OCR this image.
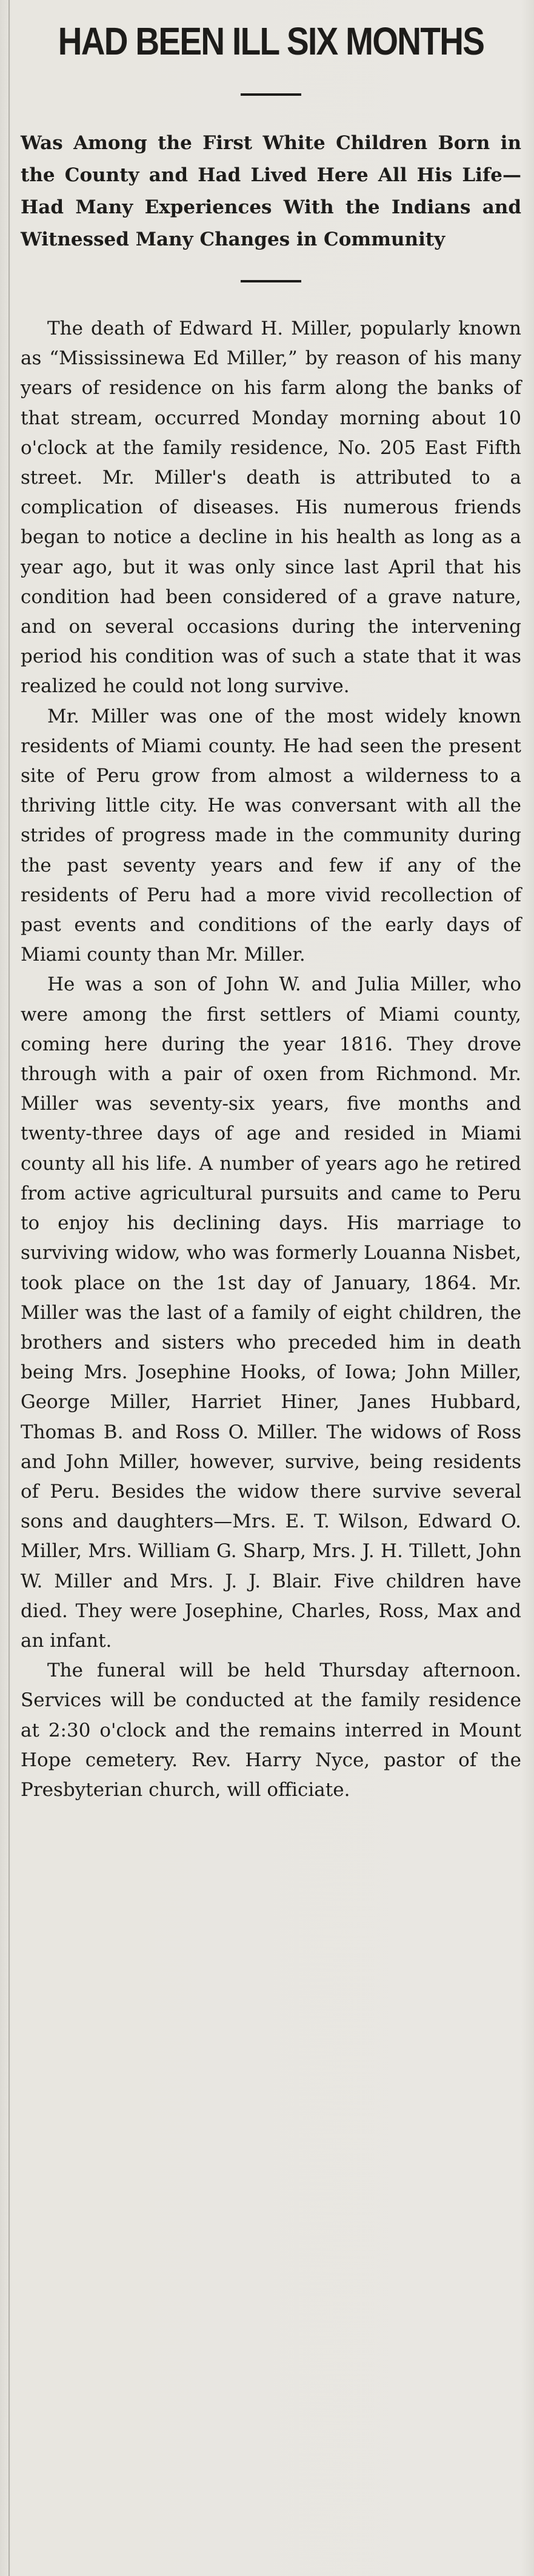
HAD BEEN ILL SIX MONTHS

Was Among the First White Children Born in the County and Had Lived Here All His Life—Had Many Experiences With the Indians and Witnessed Many Changes in Community

The death of Edward H. Miller, popularly known as “Mississinewa Ed Miller,” by reason of his many years of residence on his farm along the banks of that stream, occurred Monday morning about 10 o'clock at the family residence, No. 205 East Fifth street. Mr. Miller's death is attributed to a complication of diseases. His numerous friends began to notice a decline in his health as long as a year ago, but it was only since last April that his condition had been considered of a grave nature, and on several occasions during the intervening period his condition was of such a state that it was realized he could not long survive.

Mr. Miller was one of the most widely known residents of Miami county. He had seen the present site of Peru grow from almost a wilderness to a thriving little city. He was conversant with all the strides of progress made in the community during the past seventy years and few if any of the residents of Peru had a more vivid recollection of past events and conditions of the early days of Miami county than Mr. Miller.

He was a son of John W. and Julia Miller, who were among the first settlers of Miami county, coming here during the year 1816. They drove through with a pair of oxen from Richmond. Mr. Miller was seventy-six years, five months and twenty-three days of age and resided in Miami county all his life. A number of years ago he retired from active agricultural pursuits and came to Peru to enjoy his declining days. His marriage to surviving widow, who was formerly Louanna Nisbet, took place on the 1st day of January, 1864. Mr. Miller was the last of a family of eight children, the brothers and sisters who preceded him in death being Mrs. Josephine Hooks, of Iowa; John Miller, George Miller, Harriet Hiner, Janes Hubbard, Thomas B. and Ross O. Miller. The widows of Ross and John Miller, however, survive, being residents of Peru. Besides the widow there survive several sons and daughters—Mrs. E. T. Wilson, Edward O. Miller, Mrs. William G. Sharp, Mrs. J. H. Tillett, John W. Miller and Mrs. J. J. Blair. Five children have died. They were Josephine, Charles, Ross, Max and an infant.

The funeral will be held Thursday afternoon. Services will be conducted at the family residence at 2:30 o'clock and the remains interred in Mount Hope cemetery. Rev. Harry Nyce, pastor of the Presbyterian church, will officiate.
